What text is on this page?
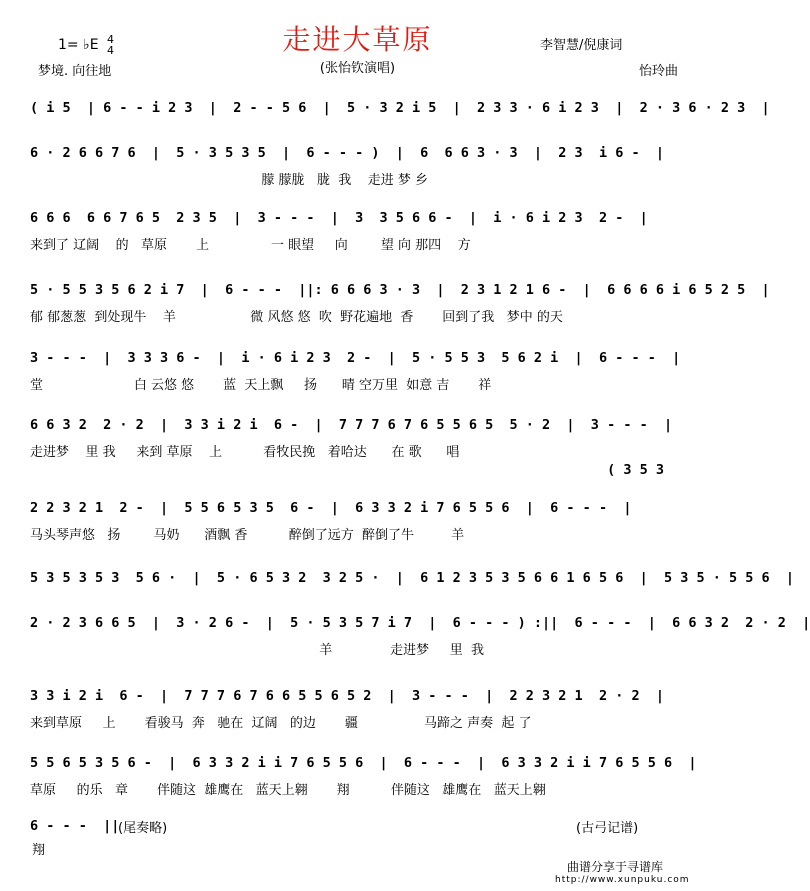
走进大草原
1= ♭E 4
4
梦境. 向往地	(张怡钦演唱)
李智慧/倪康词
怡玲曲
( i 5  | 6 - - i 2 3  |  2 - - 5 6  |  5 · 3 2 i 5  |  2 3 3 · 6 i 2 3  |  2 · 3 6 · 2 3  |
6 · 2 6 6 7 6  |  5 · 3 5 3 5  |  6 - - - )  |  6  6 6 3 · 3  |  2 3  i 6 -  |
朦 朦胧   胧  我    走进 梦 乡
6 6 6  6 6 7 6 5  2 3 5  |  3 - - -  |  3  3 5 6 6 -  |  i · 6 i 2 3  2 -  |
来到了 辽阔    的   草原       上               一 眼望     向        望 向 那四    方
5 · 5 5 3 5 6 2 i 7  |  6 - - -  ||: 6 6 6 3 · 3  |  2 3 1 2 1 6 -  |  6 6 6 6 i 6 5 2 5  |
郁 郁葱葱  到处现牛    羊                  微 风悠 悠  吹  野花遍地  香       回到了我   梦中 的天
3 - - -  |  3 3 3 6 -  |  i · 6 i 2 3  2 -  |  5 · 5 5 3  5 6 2 i  |  6 - - -  |
堂                      白 云悠 悠       蓝  天上飘     扬      晴 空万里  如意 吉       祥
6 6 3 2  2 · 2  |  3 3 i 2 i  6 -  |  7 7 7 6 7 6 5 5 6 5  5 · 2  |  3 - - -  |
走进梦    里 我     来到 草原    上          看牧民挽   着哈达      在 歌      唱
( 3 5 3
2 2 3 2 1  2 -  |  5 5 6 5 3 5  6 -  |  6 3 3 2 i 7 6 5 5 6  |  6 - - -  |
马头琴声悠   扬        马奶      酒飘 香          醉倒了远方  醉倒了牛         羊
5 3 5 3 5 3  5 6 ·  |  5 · 6 5 3 2  3 2 5 ·  |  6 1 2 3 5 3 5 6 6 1 6 5 6  |  5 3 5 · 5 5 6  |
2 · 2 3 6 6 5  |  3 · 2 6 -  |  5 · 5 3 5 7 i 7  |  6 - - - ) :||  6 - - -  |  6 6 3 2  2 · 2  |
羊              走进梦     里  我
3 3 i 2 i  6 -  |  7 7 7 6 7 6 6 5 5 6 5 2  |  3 - - -  |  2 2 3 2 1  2 · 2  |
来到草原     上       看骏马  奔   驰在  辽阔   的边       疆                马蹄之 声奏  起 了
5 5 6 5 3 5 6 -  |  6 3 3 2 i i 7 6 5 5 6  |  6 - - -  |  6 3 3 2 i i 7 6 5 5 6  |
草原     的乐   章       伴随这  雄鹰在   蓝天上翱       翔          伴随这   雄鹰在   蓝天上翱
6 - - -  ||
(尾奏略)
翔
(古弓记谱)
曲谱分享于寻谱库
http://www.xunpuku.com
